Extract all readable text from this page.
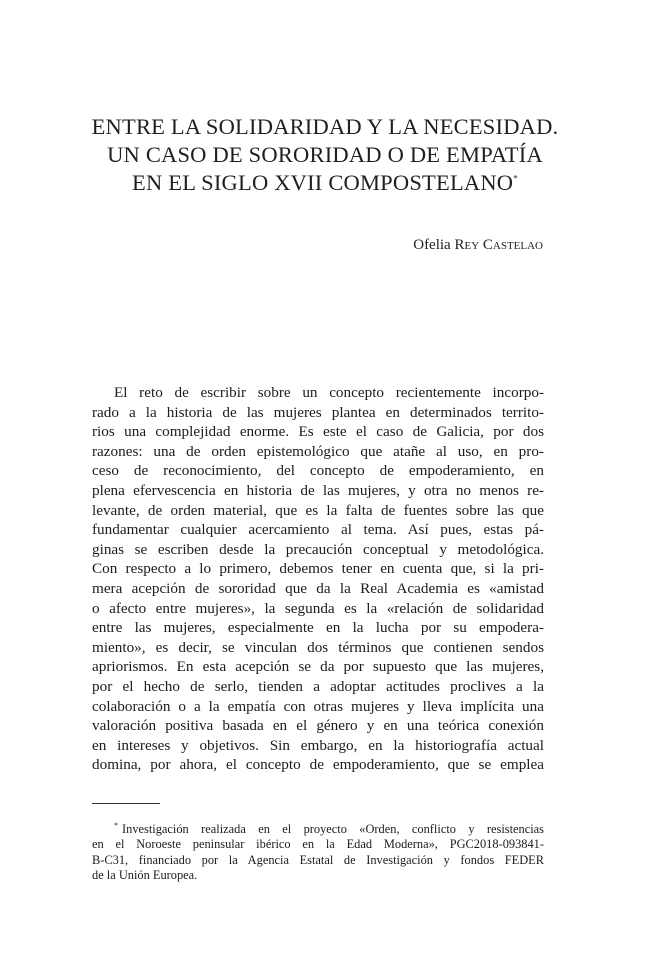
ENTRE LA SOLIDARIDAD Y LA NECESIDAD.
UN CASO DE SORORIDAD O DE EMPATÍA
EN EL SIGLO XVII COMPOSTELANO*
Ofelia Rey Castelao
El reto de escribir sobre un concepto recientemente incorpo-
rado a la historia de las mujeres plantea en determinados territo-
rios una complejidad enorme. Es este el caso de Galicia, por dos
razones: una de orden epistemológico que atañe al uso, en pro-
ceso de reconocimiento, del concepto de empoderamiento, en
plena efervescencia en historia de las mujeres, y otra no menos re-
levante, de orden material, que es la falta de fuentes sobre las que
fundamentar cualquier acercamiento al tema. Así pues, estas pá-
ginas se escriben desde la precaución conceptual y metodológica.
Con respecto a lo primero, debemos tener en cuenta que, si la pri-
mera acepción de sororidad que da la Real Academia es «amistad
o afecto entre mujeres», la segunda es la «relación de solidaridad
entre las mujeres, especialmente en la lucha por su empodera-
miento», es decir, se vinculan dos términos que contienen sendos
apriorismos. En esta acepción se da por supuesto que las mujeres,
por el hecho de serlo, tienden a adoptar actitudes proclives a la
colaboración o a la empatía con otras mujeres y lleva implícita una
valoración positiva basada en el género y en una teórica conexión
en intereses y objetivos. Sin embargo, en la historiografía actual
domina, por ahora, el concepto de empoderamiento, que se emplea
* Investigación realizada en el proyecto «Orden, conflicto y resistencias
en el Noroeste peninsular ibérico en la Edad Moderna», PGC2018-093841-
B-C31, financiado por la Agencia Estatal de Investigación y fondos FEDER
de la Unión Europea.
